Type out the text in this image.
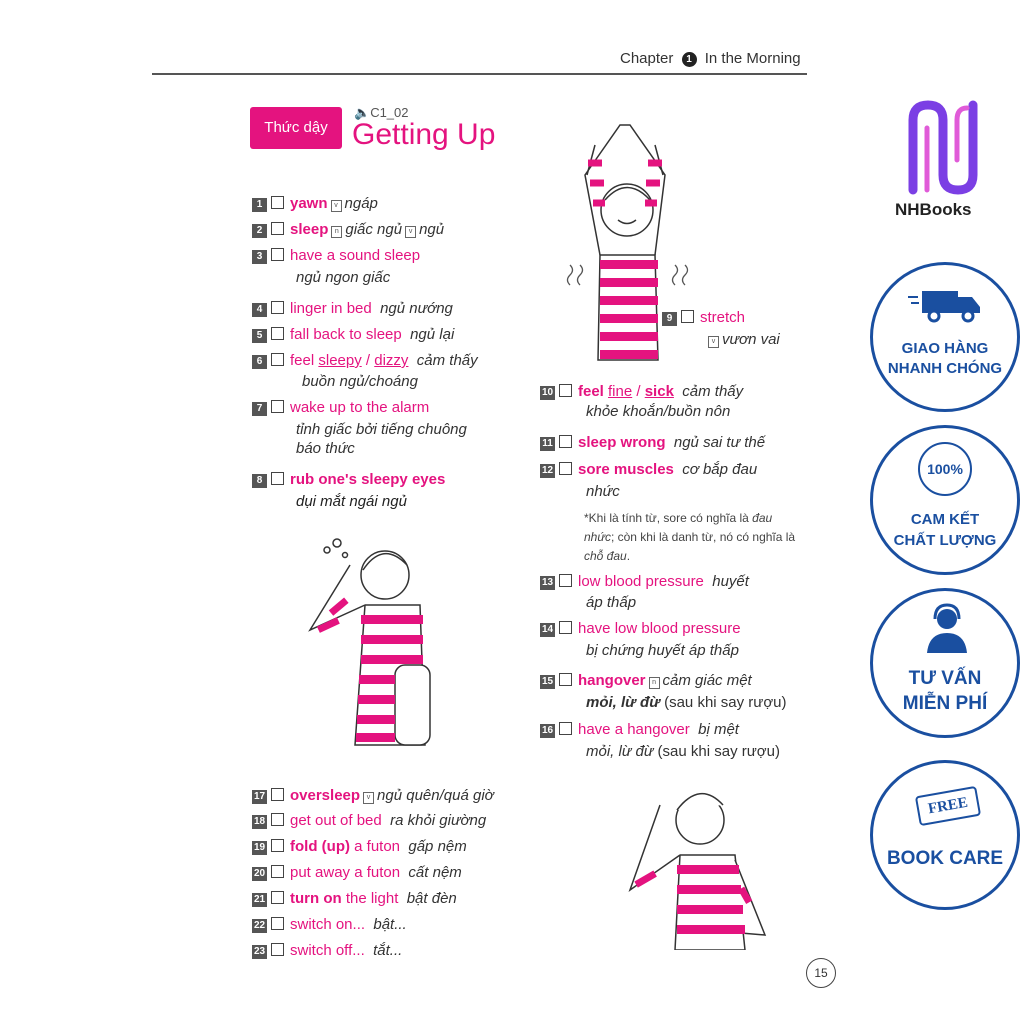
Chapter 1 In the Morning
Thức dậy
🔈C1_02
Getting Up
1 yawn v ngáp
2 sleep n giấc ngủ v ngủ
3 have a sound sleep
ngủ ngon giấc
4 linger in bed ngủ nướng
5 fall back to sleep ngủ lại
6 feel sleepy / dizzy cảm thấy
buồn ngủ/choáng
7 wake up to the alarm
tỉnh giấc bởi tiếng chuông
báo thức
8 rub one's sleepy eyes
dụi mắt ngái ngủ
9 stretch
v vươn vai
10 feel fine / sick cảm thấy
khỏe khoắn/buồn nôn
11 sleep wrong ngủ sai tư thế
12 sore muscles cơ bắp đau
nhức
*Khi là tính từ, sore có nghĩa là đau nhức; còn khi là danh từ, nó có nghĩa là chỗ đau.
13 low blood pressure huyết
áp thấp
14 have low blood pressure
bị chứng huyết áp thấp
15 hangover n cảm giác mệt
mỏi, lừ đừ (sau khi say rượu)
16 have a hangover bị mệt
mỏi, lừ đừ (sau khi say rượu)
17 oversleep v ngủ quên/quá giờ
18 get out of bed ra khỏi giường
19 fold (up) a futon gấp nệm
20 put away a futon cất nệm
21 turn on the light bật đèn
22 switch on... bật...
23 switch off... tắt...
15
NHBooks
GIAO HÀNG
NHANH CHÓNG
100%
CAM KẾT
CHẤT LƯỢNG
TƯ VẤN
MIỄN PHÍ
FREE
BOOK CARE
